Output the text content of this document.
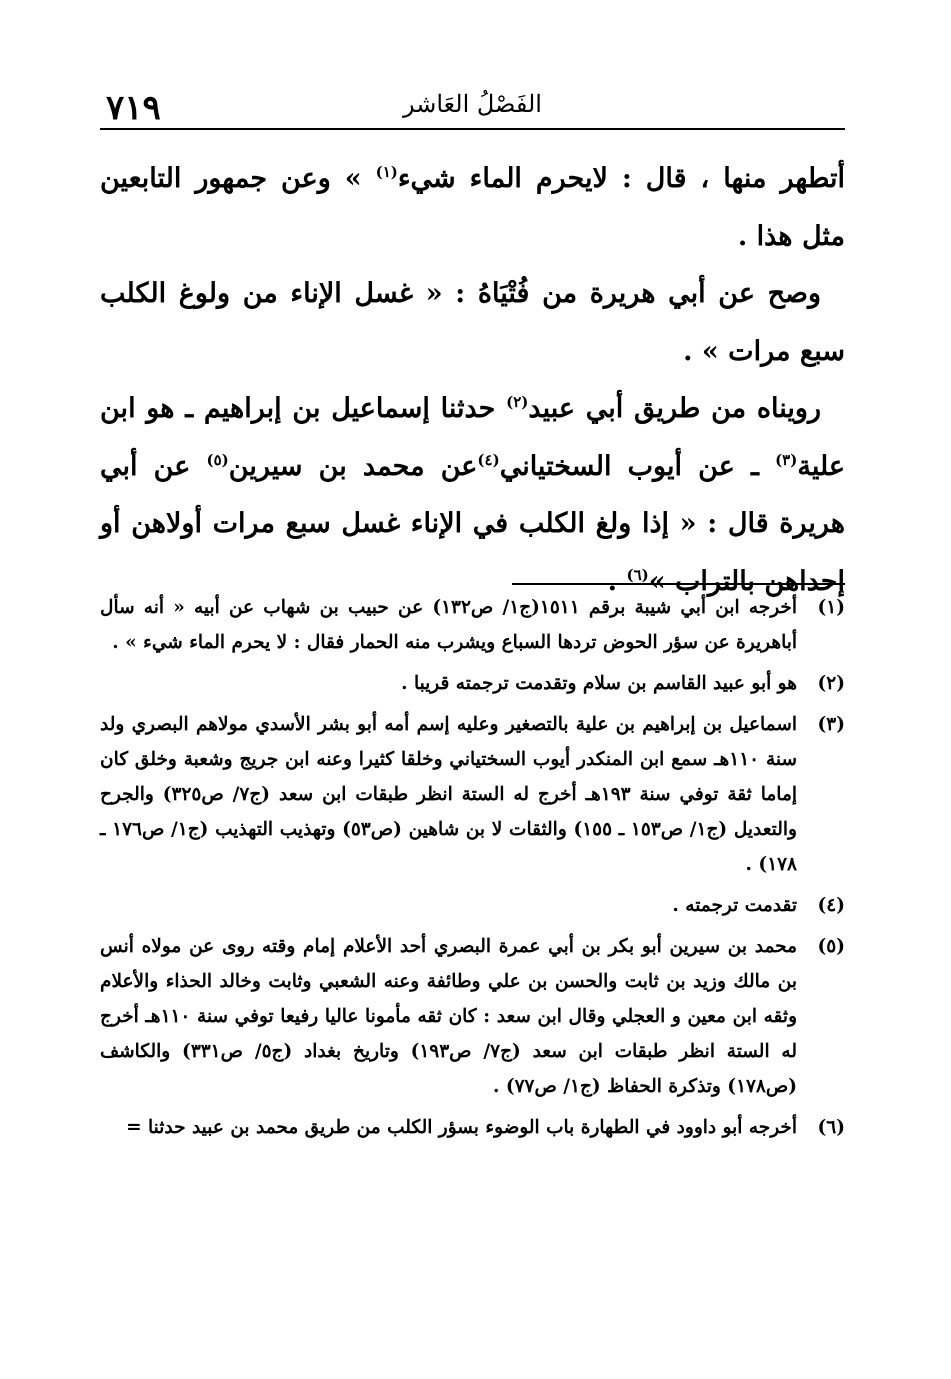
٧١٩	الفَصْلُ العَاشر

أتطهر منها ، قال : لايحرم الماء شيء$^{(١)}$ » وعن جمهور التابعين مثل هذا .

وصح عن أبي هريرة من فُتْيَاهُ : « غسل الإناء من ولوغ الكلب سبع مرات » .

رويناه من طريق أبي عبيد$^{(٢)}$ حدثنا إسماعيل بن إبراهيم ـ هو ابن علية$^{(٣)}$ ـ عن أيوب السختياني$^{(٤)}$عن محمد بن سيرين$^{(٥)}$ عن أبي هريرة قال : « إذا ولغ الكلب في الإناء غسل سبع مرات أولاهن أو إحداهن بالتراب »$^{(٦)}$ .

(١)
أخرجه ابن أبي شيبة برقم ١٥١١(ج١/ ص١٣٢) عن حبيب بن شهاب عن أبيه « أنه سأل أباهريرة عن سؤر الحوض تردها السباع ويشرب منه الحمار فقال : لا يحرم الماء شيء » .
(٢)
هو أبو عبيد القاسم بن سلام وتقدمت ترجمته قريبا .
(٣)
اسماعيل بن إبراهيم بن علية بالتصغير وعليه إسم أمه أبو بشر الأسدي مولاهم البصري ولد سنة ١١٠هـ سمع ابن المنكدر أيوب السختياني وخلقا كثيرا وعنه ابن جريج وشعبة وخلق كان إماما ثقة توفي سنة ١٩٣هـ أخرج له الستة انظر طبقات ابن سعد (ج٧/ ص٣٢٥) والجرح والتعديل (ج١/ ص١٥٣ ـ ١٥٥) والثقات لا بن شاهين (ص٥٣) وتهذيب التهذيب (ج١/ ص١٧٦ ـ ١٧٨) .
(٤)
تقدمت ترجمته .
(٥)
محمد بن سيرين أبو بكر بن أبي عمرة البصري أحد الأعلام إمام وقته روى عن مولاه أنس بن مالك وزيد بن ثابت والحسن بن علي وطائفة وعنه الشعبي وثابت وخالد الحذاء والأعلام وثقه ابن معين و العجلي وقال ابن سعد : كان ثقه مأمونا عاليا رفيعا توفي سنة ١١٠هـ أخرج له الستة انظر طبقات ابن سعد (ج٧/ ص١٩٣) وتاريخ بغداد (ج٥/ ص٣٣١) والكاشف (ص١٧٨) وتذكرة الحفاظ (ج١/ ص٧٧) .
(٦)
أخرجه أبو داوود في الطهارة باب الوضوء بسؤر الكلب من طريق محمد بن عبيد حدثنا =
